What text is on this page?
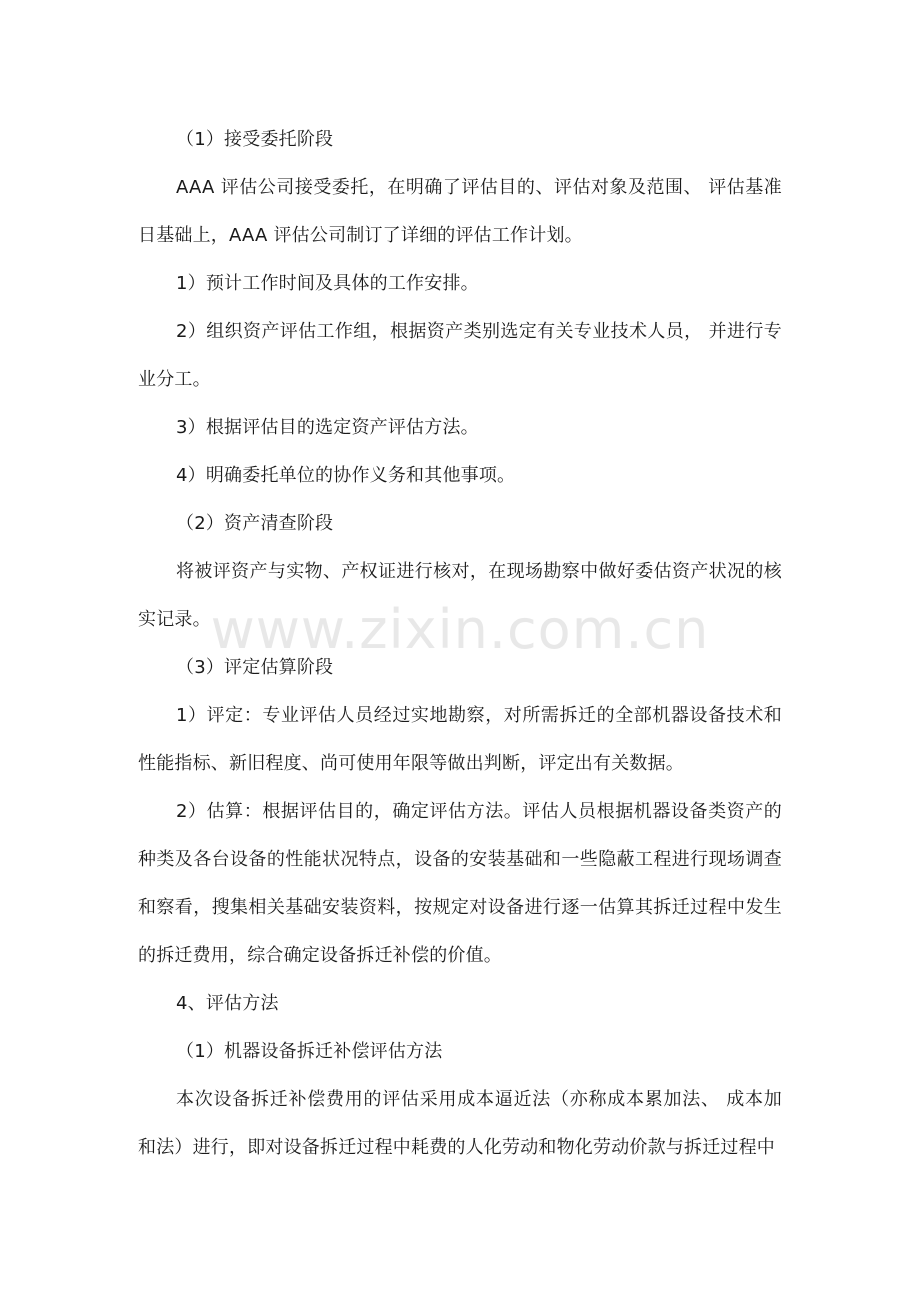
（1）接受委托阶段

AAA 评估公司接受委托，在明确了评估目的、评估对象及范围、 评估基准日基础上，AAA 评估公司制订了详细的评估工作计划。

1）预计工作时间及具体的工作安排。

2）组织资产评估工作组，根据资产类别选定有关专业技术人员， 并进行专业分工。

3）根据评估目的选定资产评估方法。

4）明确委托单位的协作义务和其他事项。

（2）资产清查阶段

将被评资产与实物、产权证进行核对，在现场勘察中做好委估资产状况的核实记录。

（3）评定估算阶段

1）评定：专业评估人员经过实地勘察，对所需拆迁的全部机器设备技术和性能指标、新旧程度、尚可使用年限等做出判断，评定出有关数据。

2）估算：根据评估目的，确定评估方法。评估人员根据机器设备类资产的种类及各台设备的性能状况特点，设备的安装基础和一些隐蔽工程进行现场调查和察看，搜集相关基础安装资料，按规定对设备进行逐一估算其拆迁过程中发生的拆迁费用，综合确定设备拆迁补偿的价值。

4、评估方法

（1）机器设备拆迁补偿评估方法

本次设备拆迁补偿费用的评估采用成本逼近法（亦称成本累加法、 成本加和法）进行，即对设备拆迁过程中耗费的人化劳动和物化劳动价款与拆迁过程中

www.zixin.com.cn
